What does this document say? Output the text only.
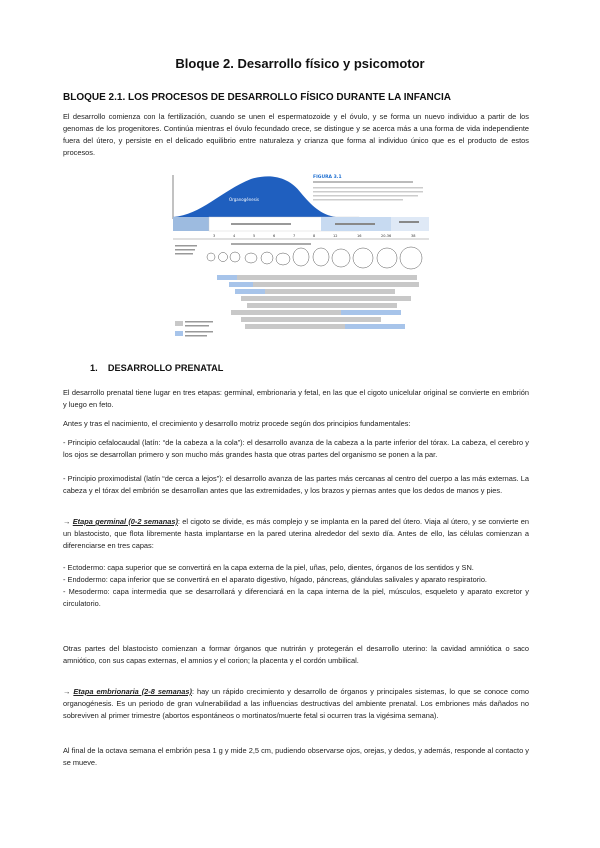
Bloque 2. Desarrollo físico y psicomotor
BLOQUE 2.1. LOS PROCESOS DE DESARROLLO FÍSICO DURANTE LA INFANCIA

El desarrollo comienza con la fertilización, cuando se unen el espermatozoide y el óvulo, y se forma un nuevo individuo a partir de los genomas de los progenitores. Continúa mientras el óvulo fecundado crece, se distingue y se acerca más a una forma de vida independiente fuera del útero, y persiste en el delicado equilibrio entre naturaleza y crianza que forma al individuo único que es el producto de estos procesos.

Organogénesis
FIGURA 3.1
3	4	5	6	7	8	12	16	20-36	38
1. DESARROLLO PRENATAL

El desarrollo prenatal tiene lugar en tres etapas: germinal, embrionaria y fetal, en las que el cigoto unicelular original se convierte en embrión y luego en feto.

Antes y tras el nacimiento, el crecimiento y desarrollo motriz procede según dos principios fundamentales:

- Principio cefalocaudal (latín: “de la cabeza a la cola”): el desarrollo avanza de la cabeza a la parte inferior del tórax. La cabeza, el cerebro y los ojos se desarrollan primero y son mucho más grandes hasta que otras partes del organismo se ponen a la par.

- Principio proximodistal (latín “de cerca a lejos”): el desarrollo avanza de las partes más cercanas al centro del cuerpo a las más externas. La cabeza y el tórax del embrión se desarrollan antes que las extremidades, y los brazos y piernas antes que los dedos de manos y pies.

→ Etapa germinal (0-2 semanas): el cigoto se divide, es más complejo y se implanta en la pared del útero. Viaja al útero, y se convierte en un blastocisto, que flota libremente hasta implantarse en la pared uterina alrededor del sexto día. Antes de ello, las células comienzan a diferenciarse en tres capas:

- Ectodermo: capa superior que se convertirá en la capa externa de la piel, uñas, pelo, dientes, órganos de los sentidos y SN.
- Endodermo: capa inferior que se convertirá en el aparato digestivo, hígado, páncreas, glándulas salivales y aparato respiratorio.
- Mesodermo: capa intermedia que se desarrollará y diferenciará en la capa interna de la piel, músculos, esqueleto y aparato excretor y circulatorio.

Otras partes del blastocisto comienzan a formar órganos que nutrirán y protegerán el desarrollo uterino: la cavidad amniótica o saco amniótico, con sus capas externas, el amnios y el corion; la placenta y el cordón umbilical.

→ Etapa embrionaria (2-8 semanas): hay un rápido crecimiento y desarrollo de órganos y principales sistemas, lo que se conoce como organogénesis. Es un periodo de gran vulnerabilidad a las influencias destructivas del ambiente prenatal. Los embriones más dañados no sobreviven al primer trimestre (abortos espontáneos o mortinatos/muerte fetal si ocurren tras la vigésima semana).

Al final de la octava semana el embrión pesa 1 g y mide 2,5 cm, pudiendo observarse ojos, orejas, y dedos, y además, responde al contacto y se mueve.
